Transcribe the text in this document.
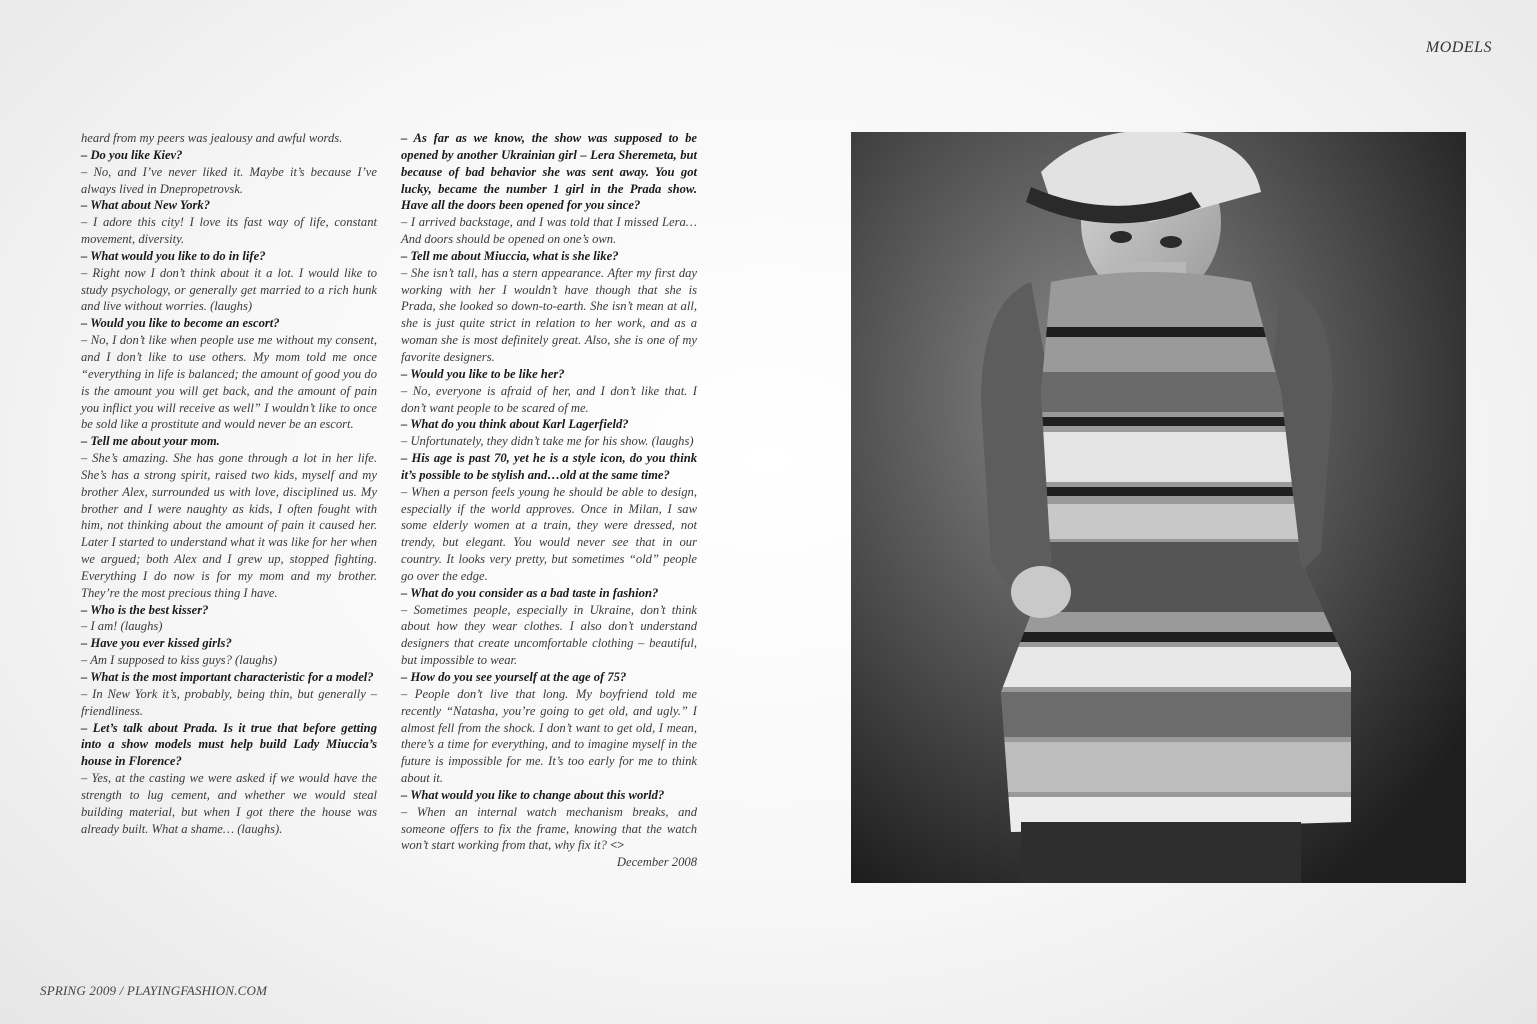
MODELS

heard from my peers was jealousy and awful words.

– Do you like Kiev?

– No, and I’ve never liked it. Maybe it’s because I’ve always lived in Dnepropetrovsk.

– What about New York?

– I adore this city! I love its fast way of life, constant movement, diversity.

– What would you like to do in life?

– Right now I don’t think about it a lot. I would like to study psychology, or generally get married to a rich hunk and live without worries. (laughs)

– Would you like to become an escort?

– No, I don’t like when people use me without my consent, and I don’t like to use others. My mom told me once “everything in life is balanced; the amount of good you do is the amount you will get back, and the amount of pain you inflict you will receive as well” I wouldn’t like to once be sold like a prostitute and would never be an escort.

– Tell me about your mom.

– She’s amazing. She has gone through a lot in her life. She’s has a strong spirit, raised two kids, myself and my brother Alex, surrounded us with love, disciplined us. My brother and I were naughty as kids, I often fought with him, not thinking about the amount of pain it caused her. Later I started to understand what it was like for her when we argued; both Alex and I grew up, stopped fighting. Everything I do now is for my mom and my brother. They’re the most precious thing I have.

– Who is the best kisser?

– I am! (laughs)

– Have you ever kissed girls?

– Am I supposed to kiss guys? (laughs)

– What is the most important characteristic for a model?

– In New York it’s, probably, being thin, but generally – friendliness.

– Let’s talk about Prada. Is it true that before getting into a show models must help build Lady Miuccia’s house in Florence?

– Yes, at the casting we were asked if we would have the strength to lug cement, and whether we would steal building material, but when I got there the house was already built. What a shame… (laughs).

– As far as we know, the show was supposed to be opened by another Ukrainian girl – Lera Sheremeta, but because of bad behavior she was sent away. You got lucky, became the number 1 girl in the Prada show. Have all the doors been opened for you since?

– I arrived backstage, and I was told that I missed Lera… And doors should be opened on one’s own.

– Tell me about Miuccia, what is she like?

– She isn’t tall, has a stern appearance. After my first day working with her I wouldn’t have though that she is Prada, she looked so down-to-earth. She isn’t mean at all, she is just quite strict in relation to her work, and as a woman she is most definitely great. Also, she is one of my favorite designers.

– Would you like to be like her?

– No, everyone is afraid of her, and I don’t like that. I don’t want people to be scared of me.

– What do you think about Karl Lagerfield?

– Unfortunately, they didn’t take me for his show. (laughs)

– His age is past 70, yet he is a style icon, do you think it’s possible to be stylish and…old at the same time?

– When a person feels young he should be able to design, especially if the world approves. Once in Milan, I saw some elderly women at a train, they were dressed, not trendy, but elegant. You would never see that in our country. It looks very pretty, but sometimes “old” people go over the edge.

– What do you consider as a bad taste in fashion?

– Sometimes people, especially in Ukraine, don’t think about how they wear clothes. I also don’t understand designers that create uncomfortable clothing – beautiful, but impossible to wear.

– How do you see yourself at the age of 75?

– People don’t live that long. My boyfriend told me recently “Natasha, you’re going to get old, and ugly.” I almost fell from the shock. I don’t want to get old, I mean, there’s a time for everything, and to imagine myself in the future is impossible for me. It’s too early for me to think about it.

– What would you like to change about this world?

– When an internal watch mechanism breaks, and someone offers to fix the frame, knowing that the watch won’t start working from that, why fix it? <>

December 2008

SPRING 2009 / PLAYINGFASHION.COM
